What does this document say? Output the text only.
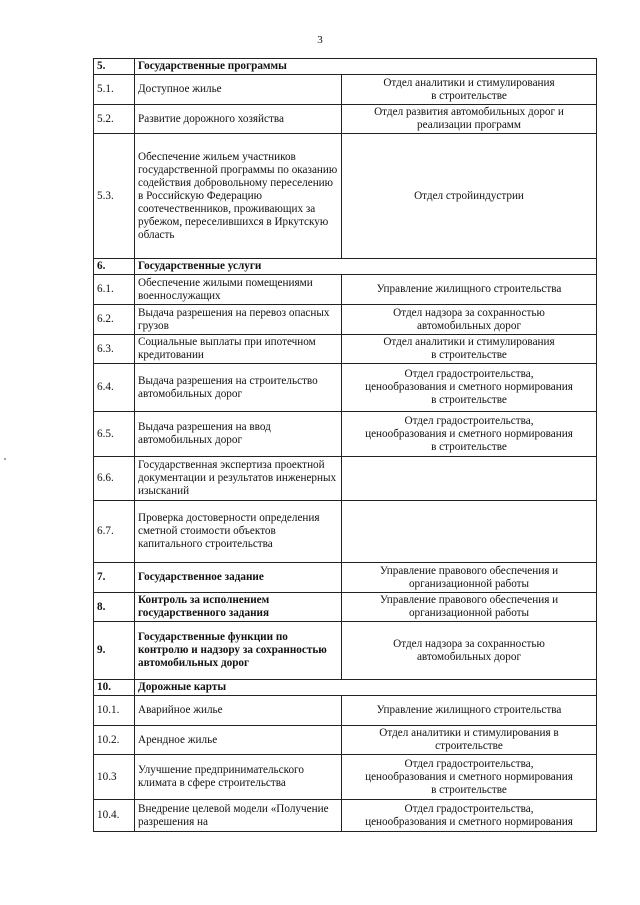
3
5.	Государственные программы	
5.1.	Доступное жилье	Отдел аналитики и стимулирования
в строительстве
5.2.	Развитие дорожного хозяйства	Отдел развития автомобильных дорог и
реализации программ
5.3.	Обеспечение жильем участников государственной программы по оказанию содействия добровольному переселению в Российскую Федерацию соотечественников, проживающих за рубежом, переселившихся в Иркутскую область	Отдел стройиндустрии
6.	Государственные услуги	
6.1.	Обеспечение жилыми помещениями военнослужащих	Управление жилищного строительства
6.2.	Выдача разрешения на перевоз опасных грузов	Отдел надзора за сохранностью
автомобильных дорог
6.3.	Социальные выплаты при ипотечном кредитовании	Отдел аналитики и стимулирования
в строительстве
6.4.	Выдача разрешения на строительство автомобильных дорог	Отдел градостроительства,
ценообразования и сметного нормирования
в строительстве
6.5.	Выдача разрешения на ввод автомобильных дорог	Отдел градостроительства,
ценообразования и сметного нормирования
в строительстве
6.6.	Государственная экспертиза проектной документации и результатов инженерных изысканий	
6.7.	Проверка достоверности определения сметной стоимости объектов капитального строительства	
7.	Государственное задание	Управление правового обеспечения и
организационной работы
8.	Контроль за исполнением государственного задания	Управление правового обеспечения и
организационной работы
9.	Государственные функции по контролю и надзору за сохранностью автомобильных дорог	Отдел надзора за сохранностью
автомобильных дорог
10.	Дорожные карты	
10.1.	Аварийное жилье	Управление жилищного строительства
10.2.	Арендное жилье	Отдел аналитики и стимулирования в
строительстве
10.3	Улучшение предпринимательского климата в сфере строительства	Отдел градостроительства,
ценообразования и сметного нормирования
в строительстве
10.4.	Внедрение целевой модели «Получение разрешения на	Отдел градостроительства,
ценообразования и сметного нормирования
